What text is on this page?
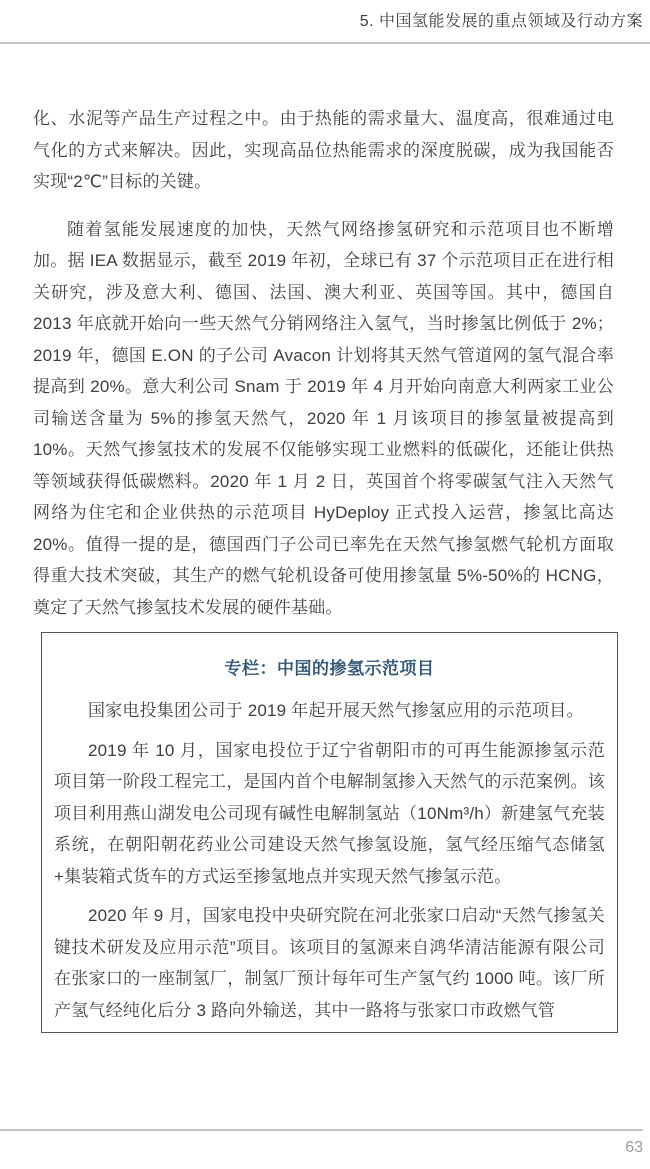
5. 中国氢能发展的重点领域及行动方案

化、水泥等产品生产过程之中。由于热能的需求量大、温度高，很难通过电气化的方式来解决。因此，实现高品位热能需求的深度脱碳，成为我国能否实现“2℃”目标的关键。

随着氢能发展速度的加快，天然气网络掺氢研究和示范项目也不断增加。据 IEA 数据显示，截至 2019 年初，全球已有 37 个示范项目正在进行相关研究，涉及意大利、德国、法国、澳大利亚、英国等国。其中，德国自 2013 年底就开始向一些天然气分销网络注入氢气，当时掺氢比例低于 2%；2019 年，德国 E.ON 的子公司 Avacon 计划将其天然气管道网的氢气混合率提高到 20%。意大利公司 Snam 于 2019 年 4 月开始向南意大利两家工业公司输送含量为 5%的掺氢天然气，2020 年 1 月该项目的掺氢量被提高到 10%。天然气掺氢技术的发展不仅能够实现工业燃料的低碳化，还能让供热等领域获得低碳燃料。2020 年 1 月 2 日，英国首个将零碳氢气注入天然气网络为住宅和企业供热的示范项目 HyDeploy 正式投入运营，掺氢比高达 20%。值得一提的是，德国西门子公司已率先在天然气掺氢燃气轮机方面取得重大技术突破，其生产的燃气轮机设备可使用掺氢量 5%-50%的 HCNG，奠定了天然气掺氢技术发展的硬件基础。

专栏：中国的掺氢示范项目

国家电投集团公司于 2019 年起开展天然气掺氢应用的示范项目。

2019 年 10 月，国家电投位于辽宁省朝阳市的可再生能源掺氢示范项目第一阶段工程完工，是国内首个电解制氢掺入天然气的示范案例。该项目利用燕山湖发电公司现有碱性电解制氢站（10Nm³/h）新建氢气充装系统，在朝阳朝花药业公司建设天然气掺氢设施，氢气经压缩气态储氢+集装箱式货车的方式运至掺氢地点并实现天然气掺氢示范。

2020 年 9 月，国家电投中央研究院在河北张家口启动“天然气掺氢关键技术研发及应用示范”项目。该项目的氢源来自鸿华清洁能源有限公司在张家口的一座制氢厂，制氢厂预计每年可生产氢气约 1000 吨。该厂所产氢气经纯化后分 3 路向外输送，其中一路将与张家口市政燃气管

63
